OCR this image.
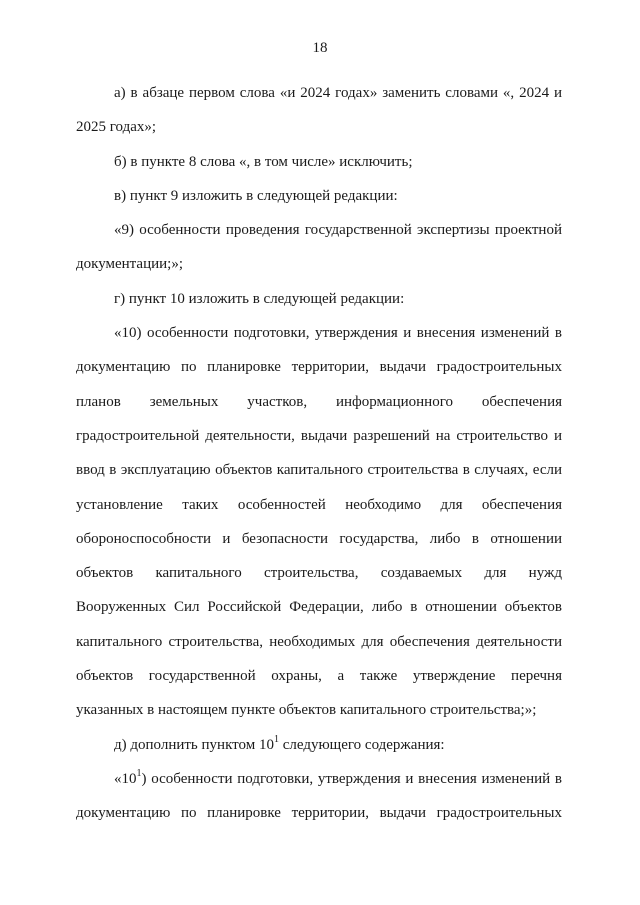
18

а) в абзаце первом слова «и 2024 годах» заменить словами «, 2024 и 2025 годах»;

б) в пункте 8 слова «, в том числе» исключить;

в) пункт 9 изложить в следующей редакции:

«9) особенности проведения государственной экспертизы проектной документации;»;

г) пункт 10 изложить в следующей редакции:

«10) особенности подготовки, утверждения и внесения изменений в документацию по планировке территории, выдачи градостроительных планов земельных участков, информационного обеспечения градостроительной деятельности, выдачи разрешений на строительство и ввод в эксплуатацию объектов капитального строительства в случаях, если установление таких особенностей необходимо для обеспечения обороноспособности и безопасности государства, либо в отношении объектов капитального строительства, создаваемых для нужд Вооруженных Сил Российской Федерации, либо в отношении объектов капитального строительства, необходимых для обеспечения деятельности объектов государственной охраны, а также утверждение перечня указанных в настоящем пункте объектов капитального строительства;»;

д) дополнить пунктом $10^1$ следующего содержания:

«$10^1$) особенности подготовки, утверждения и внесения изменений в документацию по планировке территории, выдачи градостроительных
